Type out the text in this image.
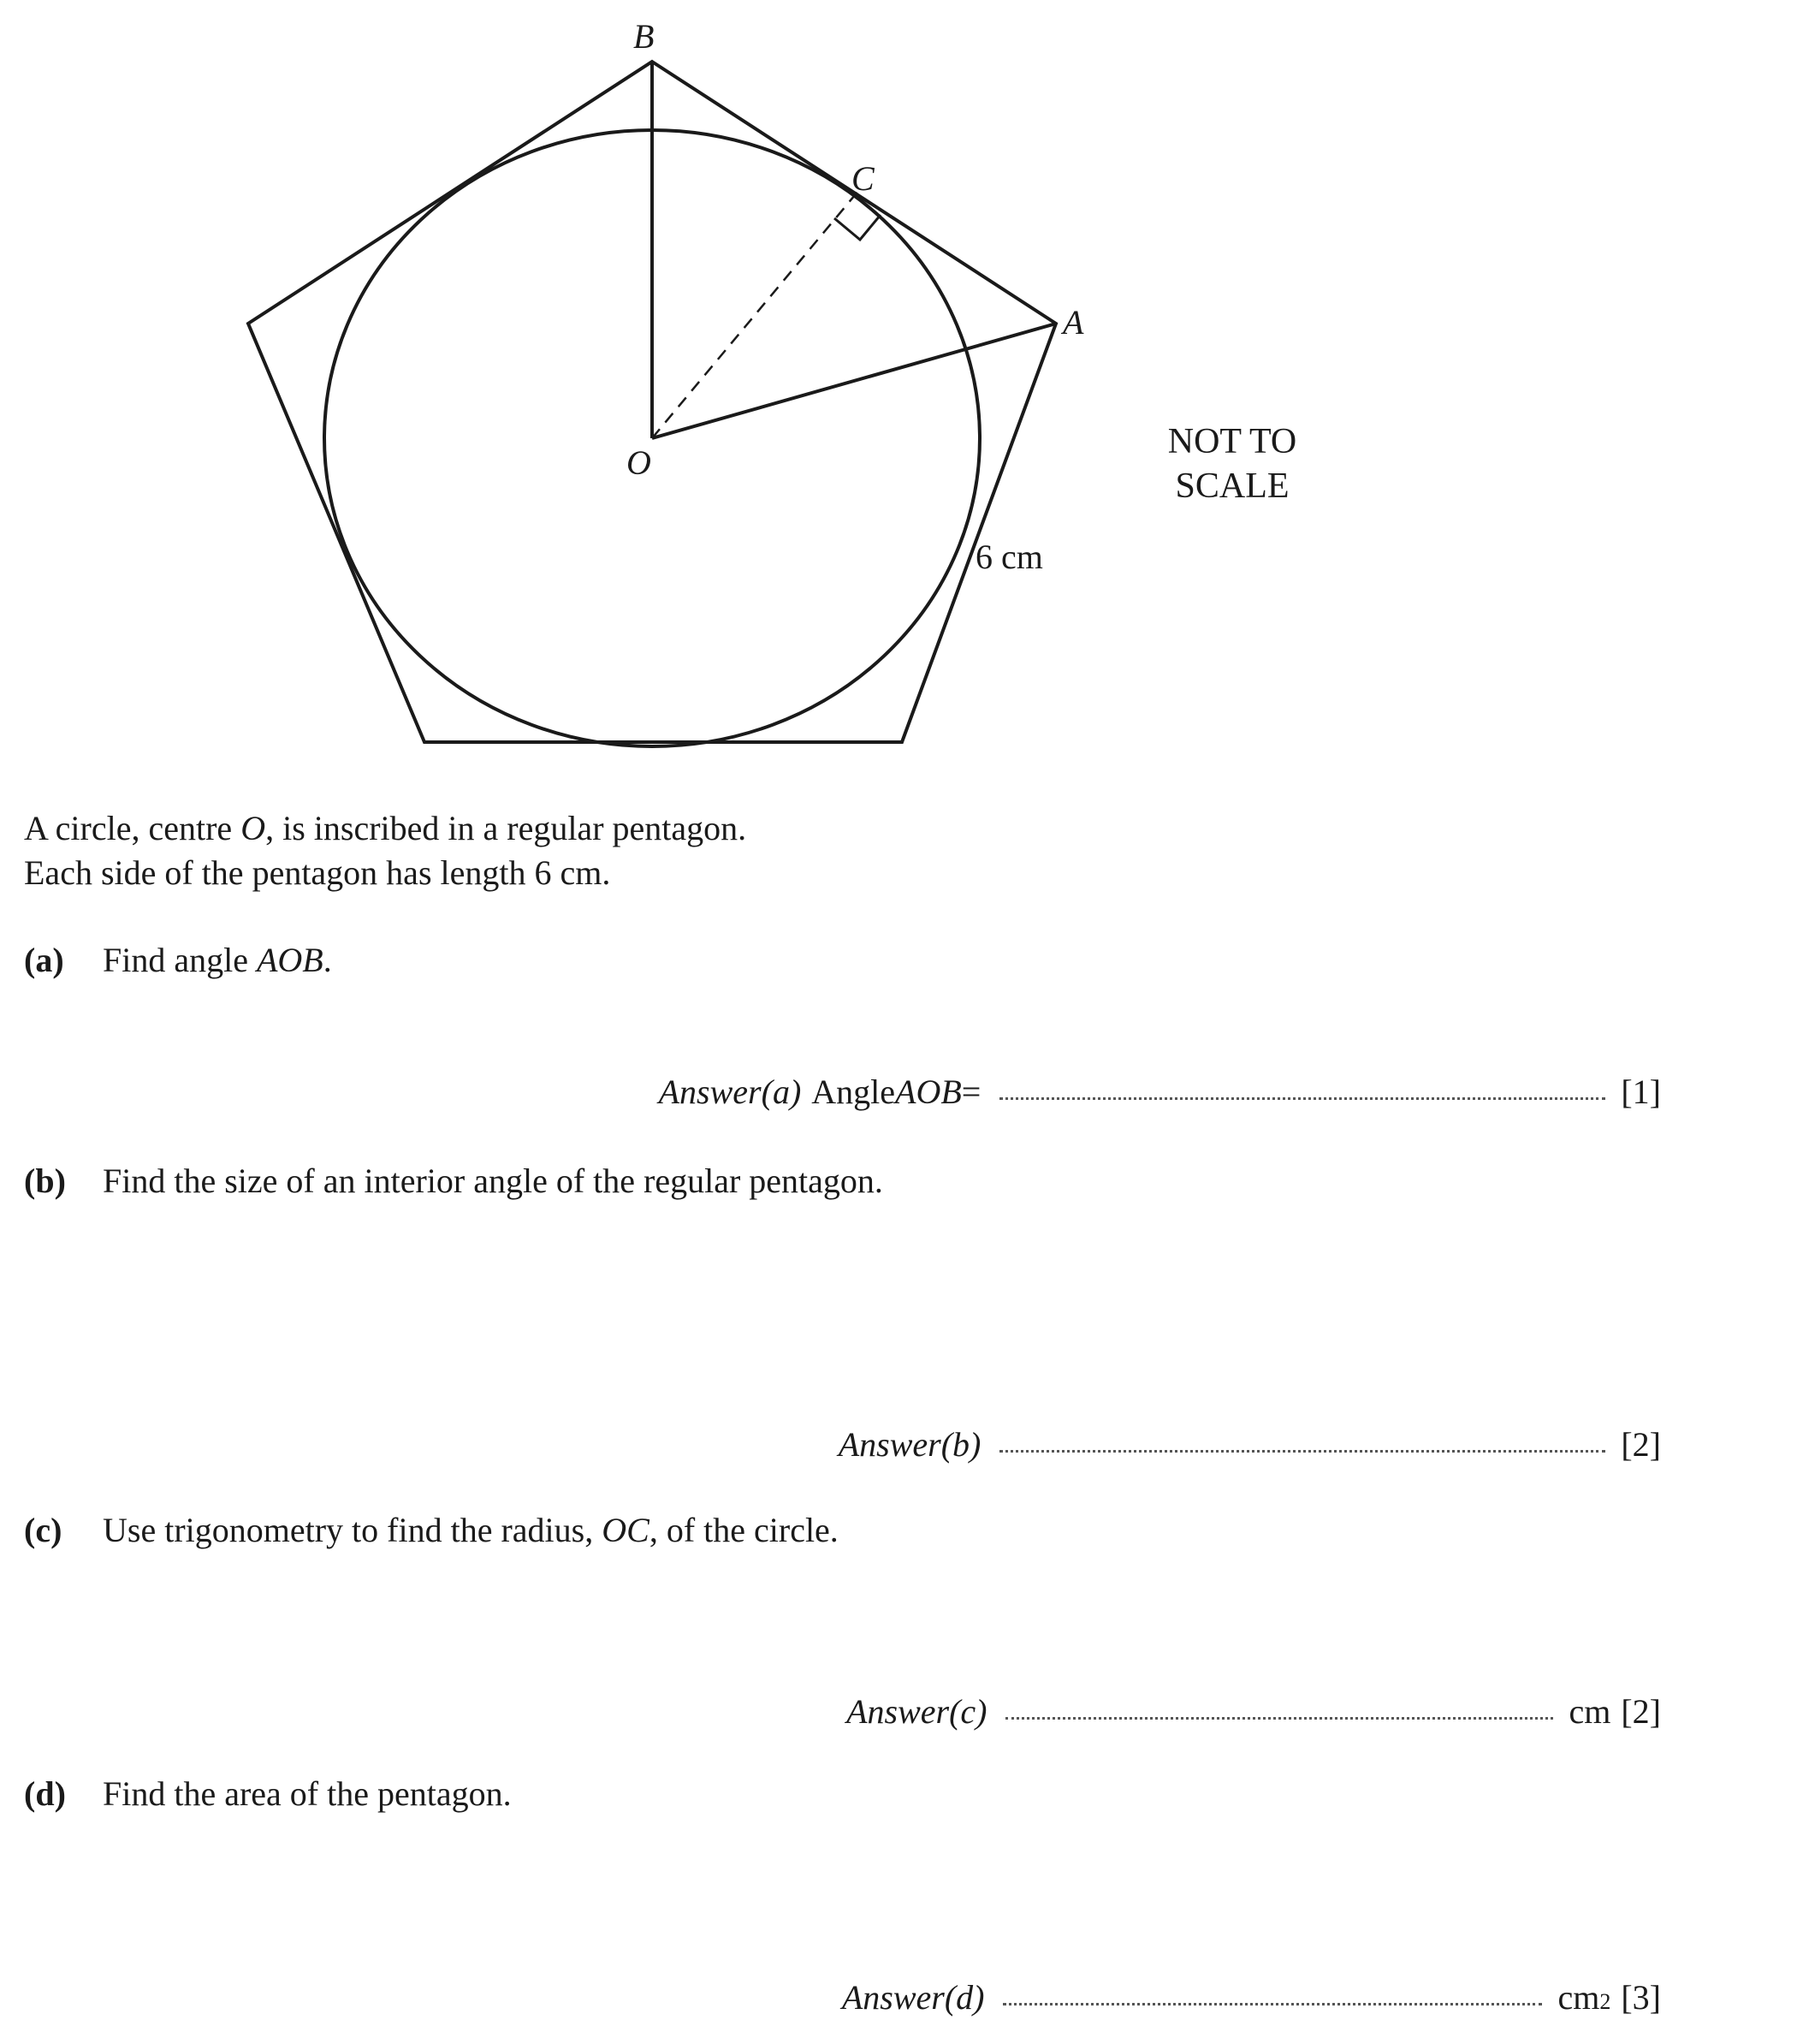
B
C
A
O
6 cm
NOT TO
SCALE
A circle, centre O, is inscribed in a regular pentagon.
Each side of the pentagon has length 6 cm.
(a) Find angle AOB.
Answer(a) Angle AOB =	[1]
(b) Find the size of an interior angle of the regular pentagon.
Answer(b)	[2]
(c) Use trigonometry to find the radius, OC, of the circle.
Answer(c)	cm [2]
(d) Find the area of the pentagon.
Answer(d)	cm 2 [3]
